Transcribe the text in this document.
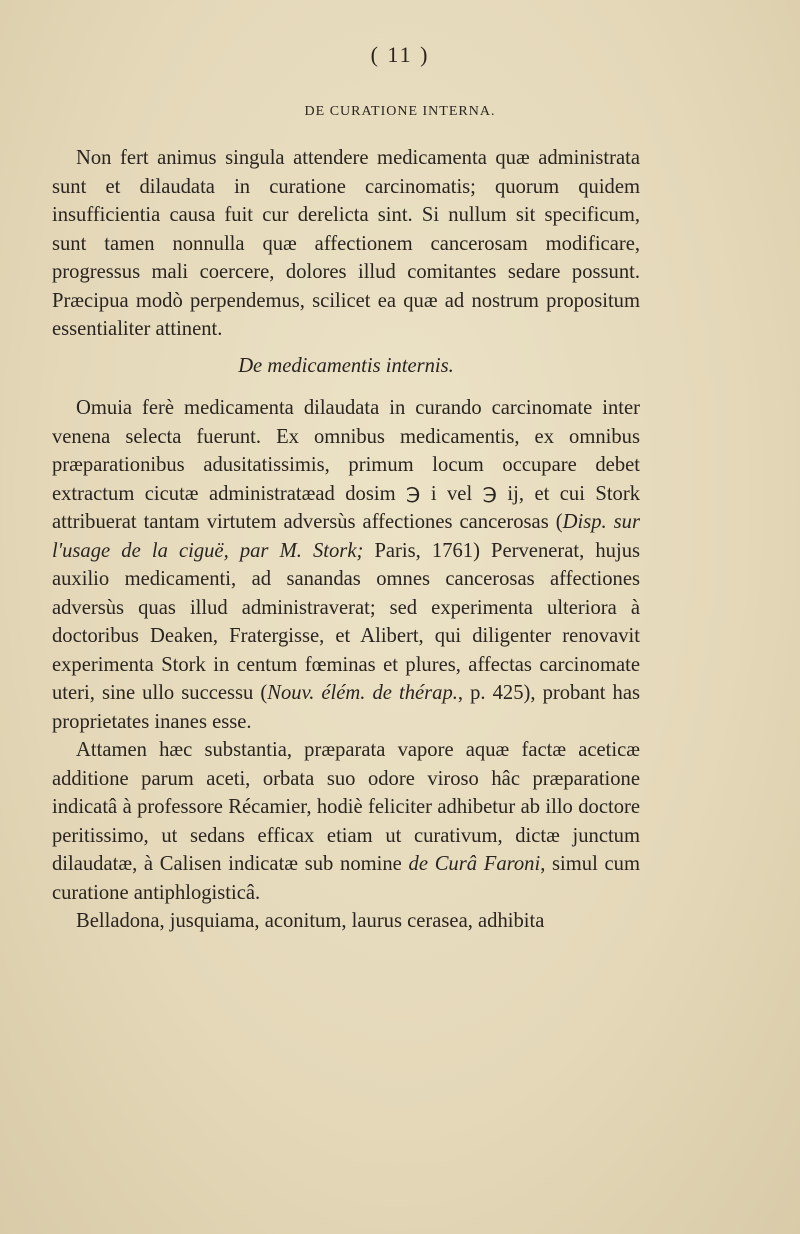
( 11 )
DE CURATIONE INTERNA.

Non fert animus singula attendere medicamenta quæ administrata sunt et dilaudata in curatione carcinomatis; quorum quidem insufficientia causa fuit cur derelicta sint. Si nullum sit specificum, sunt tamen nonnulla quæ affectionem cancerosam modificare, progressus mali coercere, dolores illud comitantes sedare possunt. Præcipua modò perpendemus, scilicet ea quæ ad nostrum propositum essentialiter attinent.

De medicamentis internis.

Omuia ferè medicamenta dilaudata in curando carcinomate inter venena selecta fuerunt. Ex omnibus medicamentis, ex omnibus præparationibus adusitatissimis, primum locum occupare debet extractum cicutæ administratæad dosim ℈ i vel ℈ ij, et cui Stork attribuerat tantam virtutem adversùs affectiones cancerosas (Disp. sur l'usage de la ciguë, par M. Stork; Paris, 1761) Pervenerat, hujus auxilio medicamenti, ad sanandas omnes cancerosas affectiones adversùs quas illud administraverat; sed experimenta ulteriora à doctoribus Deaken, Fratergisse, et Alibert, qui diligenter renovavit experimenta Stork in centum fœminas et plures, affectas carcinomate uteri, sine ullo successu (Nouv. élém. de thérap., p. 425), probant has proprietates inanes esse.

Attamen hæc substantia, præparata vapore aquæ factæ aceticæ additione parum aceti, orbata suo odore viroso hâc præparatione indicatâ à professore Récamier, hodiè feliciter adhibetur ab illo doctore peritissimo, ut sedans efficax etiam ut curativum, dictæ junctum dilaudatæ, à Calisen indicatæ sub nomine de Curâ Faroni, simul cum curatione antiphlogisticâ.

Belladona, jusquiama, aconitum, laurus cerasea, adhibita
